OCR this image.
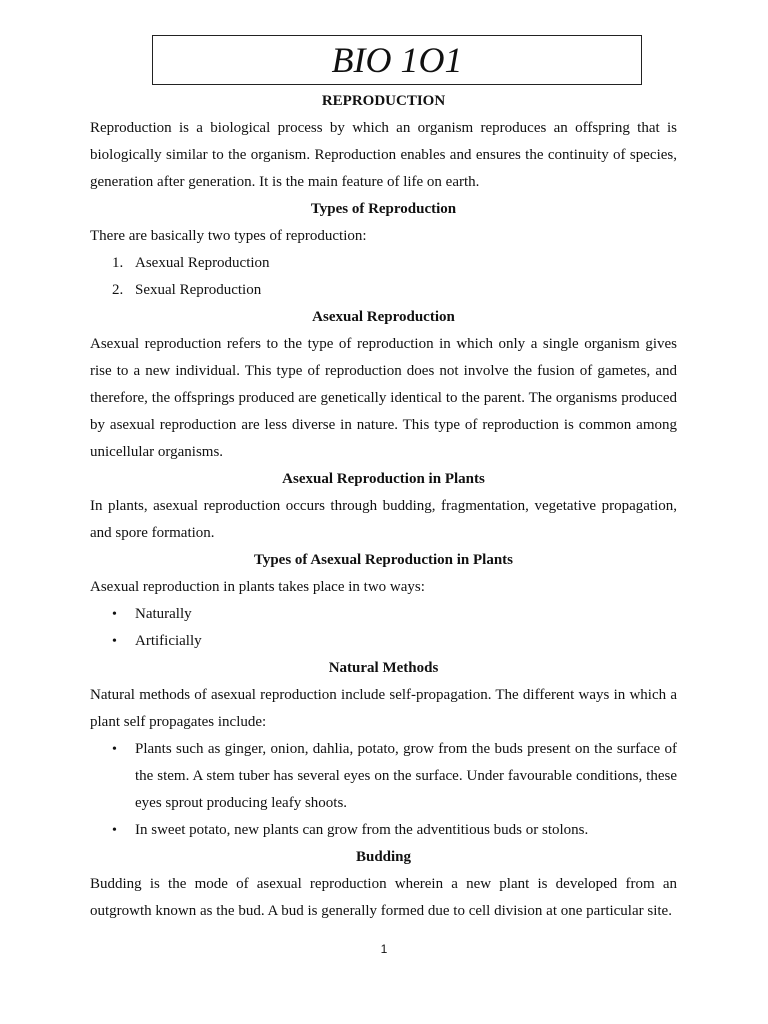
BIO 1O1
REPRODUCTION

Reproduction is a biological process by which an organism reproduces an offspring that is biologically similar to the organism. Reproduction enables and ensures the continuity of species, generation after generation. It is the main feature of life on earth.

Types of Reproduction

There are basically two types of reproduction:

1. Asexual Reproduction
2. Sexual Reproduction
Asexual Reproduction

Asexual reproduction refers to the type of reproduction in which only a single organism gives rise to a new individual. This type of reproduction does not involve the fusion of gametes, and therefore, the offsprings produced are genetically identical to the parent. The organisms produced by asexual reproduction are less diverse in nature. This type of reproduction is common among unicellular organisms.

Asexual Reproduction in Plants

In plants, asexual reproduction occurs through budding, fragmentation, vegetative propagation, and spore formation.

Types of Asexual Reproduction in Plants

Asexual reproduction in plants takes place in two ways:

• Naturally
• Artificially
Natural Methods

Natural methods of asexual reproduction include self-propagation. The different ways in which a plant self propagates include:

• Plants such as ginger, onion, dahlia, potato, grow from the buds present on the surface of the stem. A stem tuber has several eyes on the surface. Under favourable conditions, these eyes sprout producing leafy shoots.
• In sweet potato, new plants can grow from the adventitious buds or stolons.
Budding

Budding is the mode of asexual reproduction wherein a new plant is developed from an outgrowth known as the bud. A bud is generally formed due to cell division at one particular site.

1
